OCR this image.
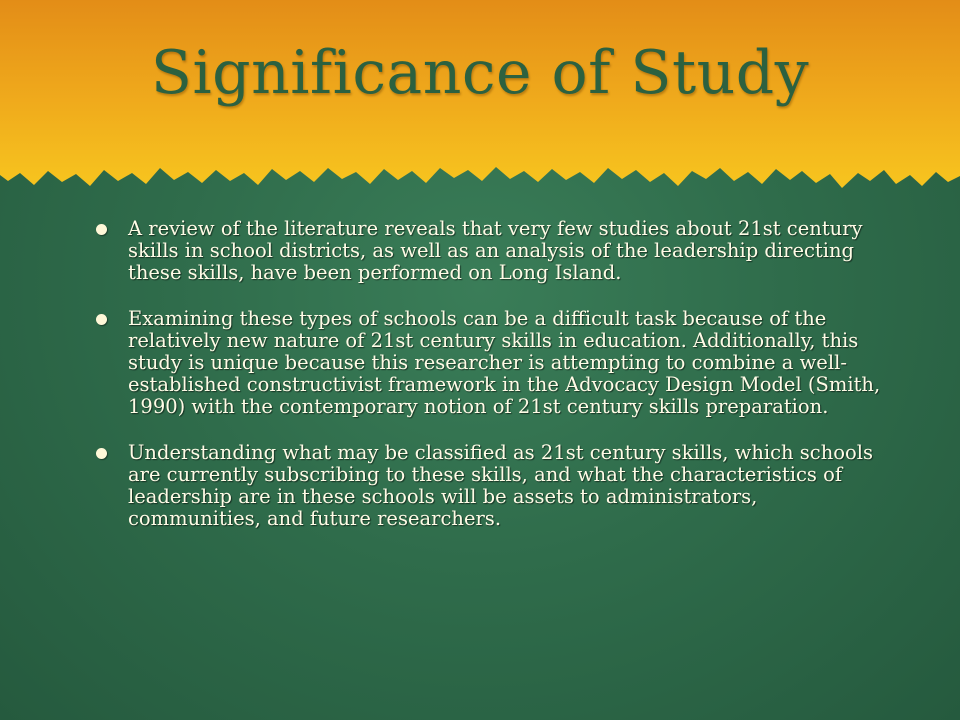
Significance of Study
A review of the literature reveals that very few studies about 21st century skills in school districts, as well as an analysis of the leadership directing these skills, have been performed on Long Island.
Examining these types of schools can be a difficult task because of the relatively new nature of 21st century skills in education. Additionally, this study is unique because this researcher is attempting to combine a well-established constructivist framework in the Advocacy Design Model (Smith, 1990) with the contemporary notion of 21st century skills preparation.
Understanding what may be classified as 21st century skills, which schools are currently subscribing to these skills, and what the characteristics of leadership are in these schools will be assets to administrators, communities, and future researchers.
